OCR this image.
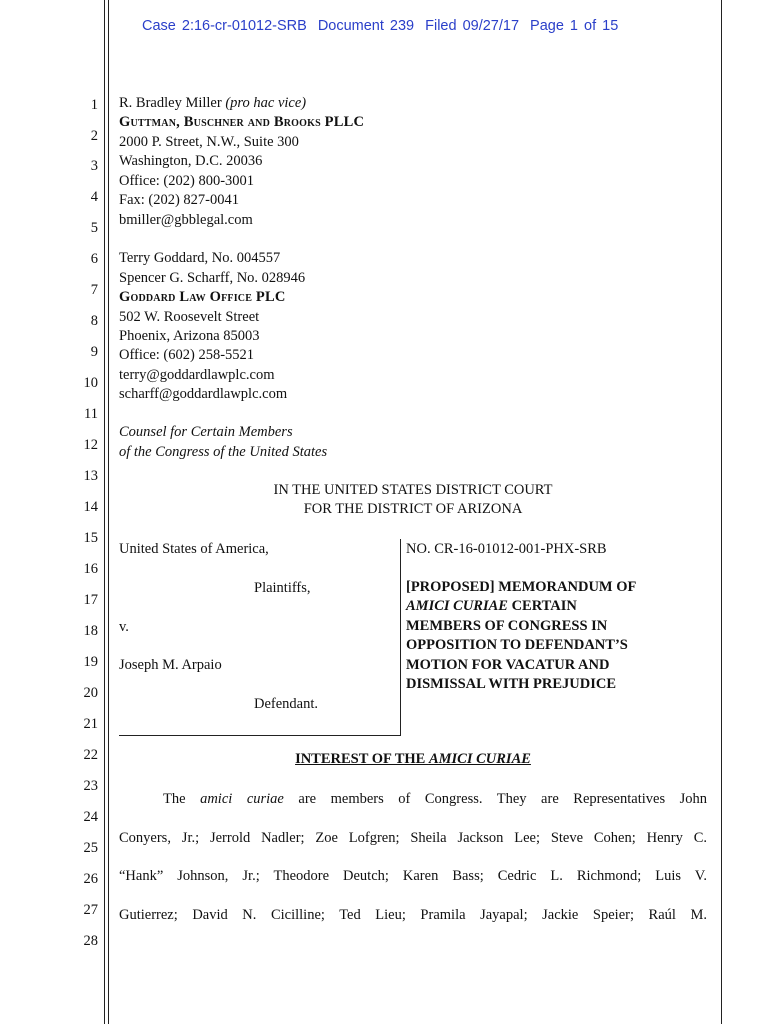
Case 2:16-cr-01012-SRB Document 239 Filed 09/27/17 Page 1 of 15
1
2
3
4
5
6
7
8
9
10
11
12
13
14
15
16
17
18
19
20
21
22
23
24
25
26
27
28
R. Bradley Miller (pro hac vice)
Guttman, Buschner and Brooks PLLC
2000 P. Street, N.W., Suite 300
Washington, D.C. 20036
Office: (202) 800-3001
Fax: (202) 827-0041
bmiller@gbblegal.com
Terry Goddard, No. 004557
Spencer G. Scharff, No. 028946
Goddard Law Office PLC
502 W. Roosevelt Street
Phoenix, Arizona 85003
Office: (602) 258-5521
terry@goddardlawplc.com
scharff@goddardlawplc.com
Counsel for Certain Members
of the Congress of the United States
IN THE UNITED STATES DISTRICT COURT
FOR THE DISTRICT OF ARIZONA
United States of America,
Plaintiffs,
v.
Joseph M. Arpaio
Defendant.
NO. CR-16-01012-001-PHX-SRB
[PROPOSED] MEMORANDUM OF
AMICI CURIAE CERTAIN
MEMBERS OF CONGRESS IN
OPPOSITION TO DEFENDANT’S
MOTION FOR VACATUR AND
DISMISSAL WITH PREJUDICE
INTEREST OF THE AMICI CURIAE
The amici curiae are members of Congress. They are Representatives John
Conyers, Jr.; Jerrold Nadler; Zoe Lofgren; Sheila Jackson Lee; Steve Cohen; Henry C.
“Hank” Johnson, Jr.; Theodore Deutch; Karen Bass; Cedric L. Richmond; Luis V.
Gutierrez; David N. Cicilline; Ted Lieu; Pramila Jayapal; Jackie Speier; Raúl M.
